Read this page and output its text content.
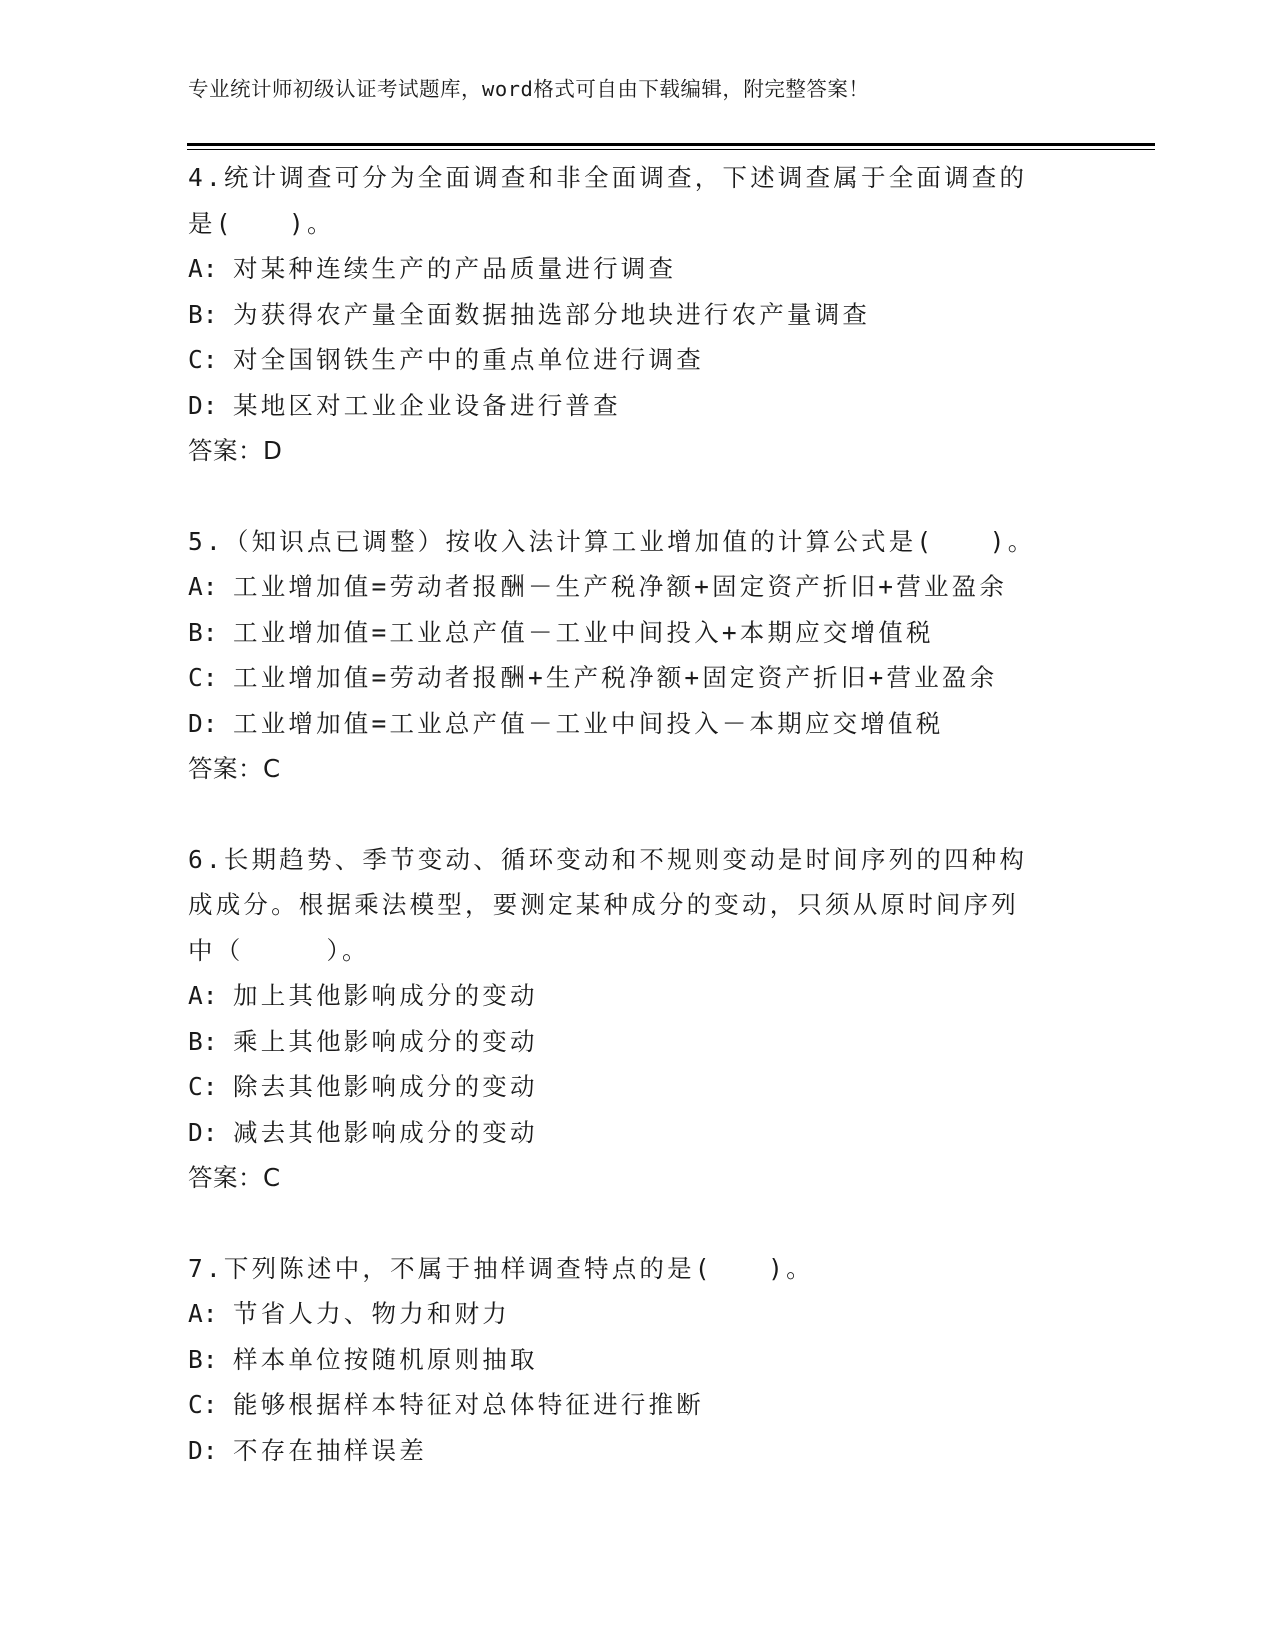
专业统计师初级认证考试题库，word格式可自由下载编辑，附完整答案！
4.统计调查可分为全面调查和非全面调查，下述调查属于全面调查的
是(　　)。
A: 对某种连续生产的产品质量进行调查
B: 为获得农产量全面数据抽选部分地块进行农产量调查
C: 对全国钢铁生产中的重点单位进行调查
D: 某地区对工业企业设备进行普查
答案：D
5.（知识点已调整）按收入法计算工业增加值的计算公式是(　　)。
A: 工业增加值=劳动者报酬－生产税净额+固定资产折旧+营业盈余
B: 工业增加值=工业总产值－工业中间投入+本期应交增值税
C: 工业增加值=劳动者报酬+生产税净额+固定资产折旧+营业盈余
D: 工业增加值=工业总产值－工业中间投入－本期应交增值税
答案：C
6.长期趋势、季节变动、循环变动和不规则变动是时间序列的四种构
成成分。根据乘法模型，要测定某种成分的变动，只须从原时间序列
中（　　　）。
A: 加上其他影响成分的变动
B: 乘上其他影响成分的变动
C: 除去其他影响成分的变动
D: 减去其他影响成分的变动
答案：C
7.下列陈述中，不属于抽样调查特点的是(　　)。
A: 节省人力、物力和财力
B: 样本单位按随机原则抽取
C: 能够根据样本特征对总体特征进行推断
D: 不存在抽样误差
